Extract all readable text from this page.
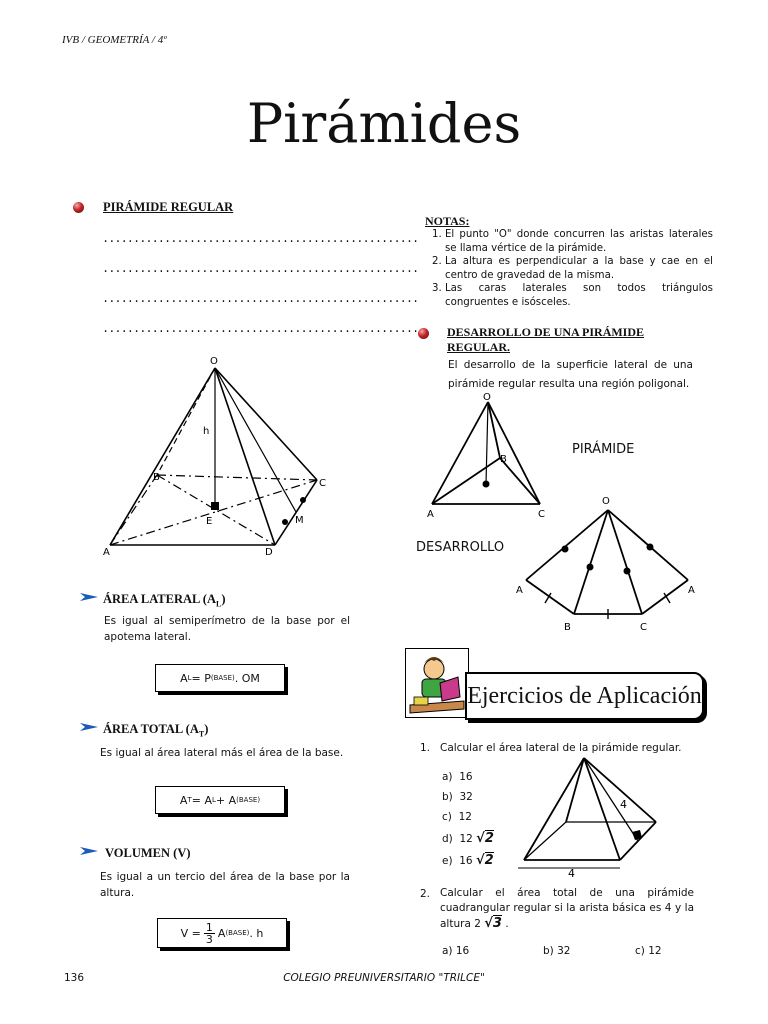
IVB / GEOMETRÍA / 4º
Pirámides
PIRÁMIDE REGULAR
...................................................
...................................................
...................................................
...................................................
O
h
B
C
E	M
A	D
ÁREA LATERAL $(A_L)$
Es igual al semiperímetro de la base por el apotema lateral.
A L = P (BASE) . OM
ÁREA TOTAL $(A_T)$
Es igual al área lateral más el área de la base.
A T = A L + A (BASE)
VOLUMEN (V)
Es igual a un tercio del área de la base por la altura.
$V = \frac{1}{3}$ A (BASE) . h
NOTAS:
1. El punto "O" donde concurren las aristas laterales se llama vértice de la pirámide.
2. La altura es perpendicular a la base y cae en el centro de gravedad de la misma.
3. Las caras laterales son todos triángulos congruentes e isósceles.
DESARROLLO DE UNA PIRÁMIDE
REGULAR.
El desarrollo de la superficie lateral de una pirámide regular resulta una región poligonal.
O
B
A	C
PIRÁMIDE
DESARROLLO
O
A	A
B	C
Ejercicios de Aplicación
1. Calcular el área lateral de la pirámide regular.
a) 16
b) 32
c) 12
d) 12 √2
e) 16 √2
4
4
2. Calcular el área total de una pirámide cuadrangular regular si la arista básica es 4 y la altura 2 √3 .
a) 16	b) 32	c) 12
136	COLEGIO PREUNIVERSITARIO "TRILCE"
